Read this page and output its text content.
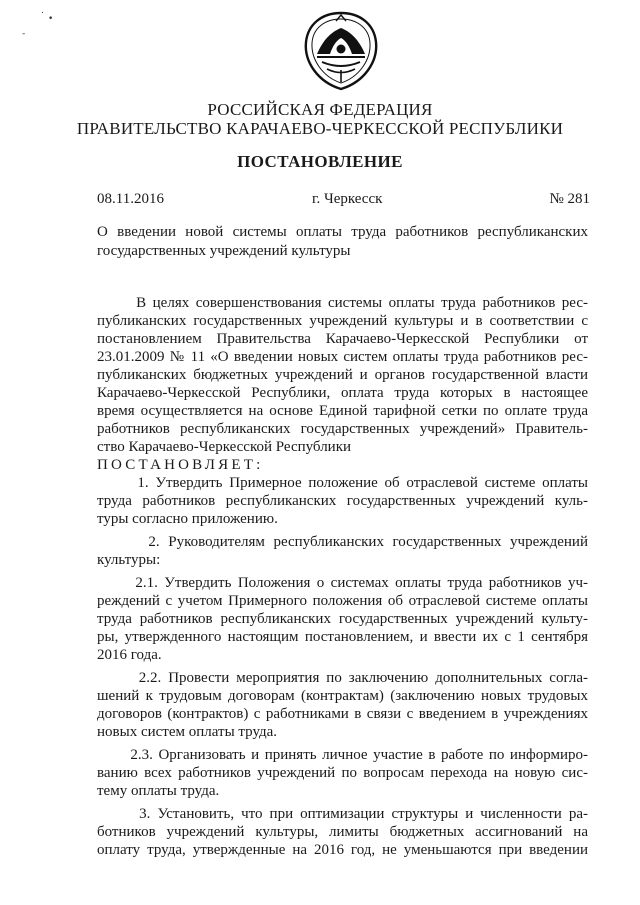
.
•
-
РОССИЙСКАЯ ФЕДЕРАЦИЯ
ПРАВИТЕЛЬСТВО КАРАЧАЕВО-ЧЕРКЕССКОЙ РЕСПУБЛИКИ
ПОСТАНОВЛЕНИЕ
08.11.2016	г. Черкесск	№ 281
О введении новой системы оплаты труда работников республиканских
государственных учреждений культуры
В целях совершенствования системы оплаты труда работников рес-
публиканских государственных учреждений культуры и в соответствии с
постановлением Правительства Карачаево-Черкесской Республики от
23.01.2009 № 11 «О введении новых систем оплаты труда работников рес-
публиканских бюджетных учреждений и органов государственной власти
Карачаево-Черкесской Республики, оплата труда которых в настоящее
время осуществляется на основе Единой тарифной сетки по оплате труда
работников республиканских государственных учреждений» Правитель-
ство Карачаево-Черкесской Республики
ПОСТАНОВЛЯЕТ:
1. Утвердить Примерное положение об отраслевой системе оплаты
труда работников республиканских государственных учреждений куль-
туры согласно приложению.
2. Руководителям республиканских государственных учреждений
культуры:
2.1. Утвердить Положения о системах оплаты труда работников уч-
реждений с учетом Примерного положения об отраслевой системе оплаты
труда работников республиканских государственных учреждений культу-
ры, утвержденного настоящим постановлением, и ввести их с 1 сентября
2016 года.
2.2. Провести мероприятия по заключению дополнительных согла-
шений к трудовым договорам (контрактам) (заключению новых трудовых
договоров (контрактов) с работниками в связи с введением в учреждениях
новых систем оплаты труда.
2.3. Организовать и принять личное участие в работе по информиро-
ванию всех работников учреждений по вопросам перехода на новую сис-
тему оплаты труда.
3. Установить, что при оптимизации структуры и численности ра-
ботников учреждений культуры, лимиты бюджетных ассигнований на
оплату труда, утвержденные на 2016 год, не уменьшаются при введении
